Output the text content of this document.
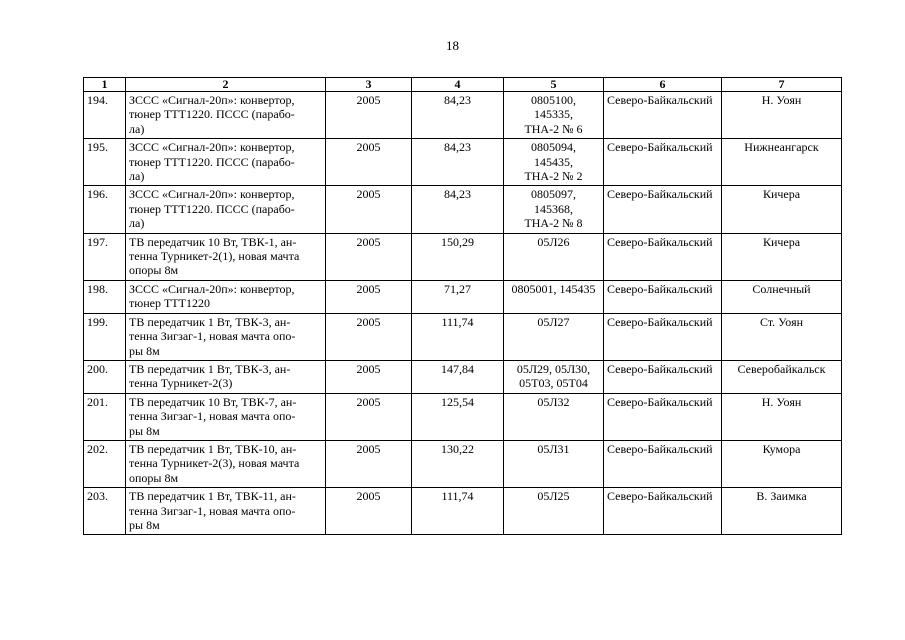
18
1	2	3	4	5	6	7
194.	ЗССС «Сигнал-20п»: конвертор,
тюнер ТТТ1220. ПССС (парабо-
ла)	2005	84,23	0805100,
145335,
ТНА-2 № 6	Северо-Байкальский	Н. Уоян
195.	ЗССС «Сигнал-20п»: конвертор,
тюнер ТТТ1220. ПССС (парабо-
ла)	2005	84,23	0805094,
145435,
ТНА-2 № 2	Северо-Байкальский	Нижнеангарск
196.	ЗССС «Сигнал-20п»: конвертор,
тюнер ТТТ1220. ПССС (парабо-
ла)	2005	84,23	0805097,
145368,
ТНА-2 № 8	Северо-Байкальский	Кичера
197.	ТВ передатчик 10 Вт, ТВК-1, ан-
тенна Турникет-2(1), новая мачта
опоры 8м	2005	150,29	05Л26	Северо-Байкальский	Кичера
198.	ЗССС «Сигнал-20п»: конвертор,
тюнер ТТТ1220	2005	71,27	0805001, 145435	Северо-Байкальский	Солнечный
199.	ТВ передатчик 1 Вт, ТВК-3, ан-
тенна Зигзаг-1, новая мачта опо-
ры 8м	2005	111,74	05Л27	Северо-Байкальский	Ст. Уоян
200.	ТВ передатчик 1 Вт, ТВК-3, ан-
тенна Турникет-2(3)	2005	147,84	05Л29, 05Л30,
05Т03, 05Т04	Северо-Байкальский	Северобайкальск
201.	ТВ передатчик 10 Вт, ТВК-7, ан-
тенна Зигзаг-1, новая мачта опо-
ры 8м	2005	125,54	05Л32	Северо-Байкальский	Н. Уоян
202.	ТВ передатчик 1 Вт, ТВК-10, ан-
тенна Турникет-2(3), новая мачта
опоры 8м	2005	130,22	05Л31	Северо-Байкальский	Кумора
203.	ТВ передатчик 1 Вт, ТВК-11, ан-
тенна Зигзаг-1, новая мачта опо-
ры 8м	2005	111,74	05Л25	Северо-Байкальский	В. Заимка
